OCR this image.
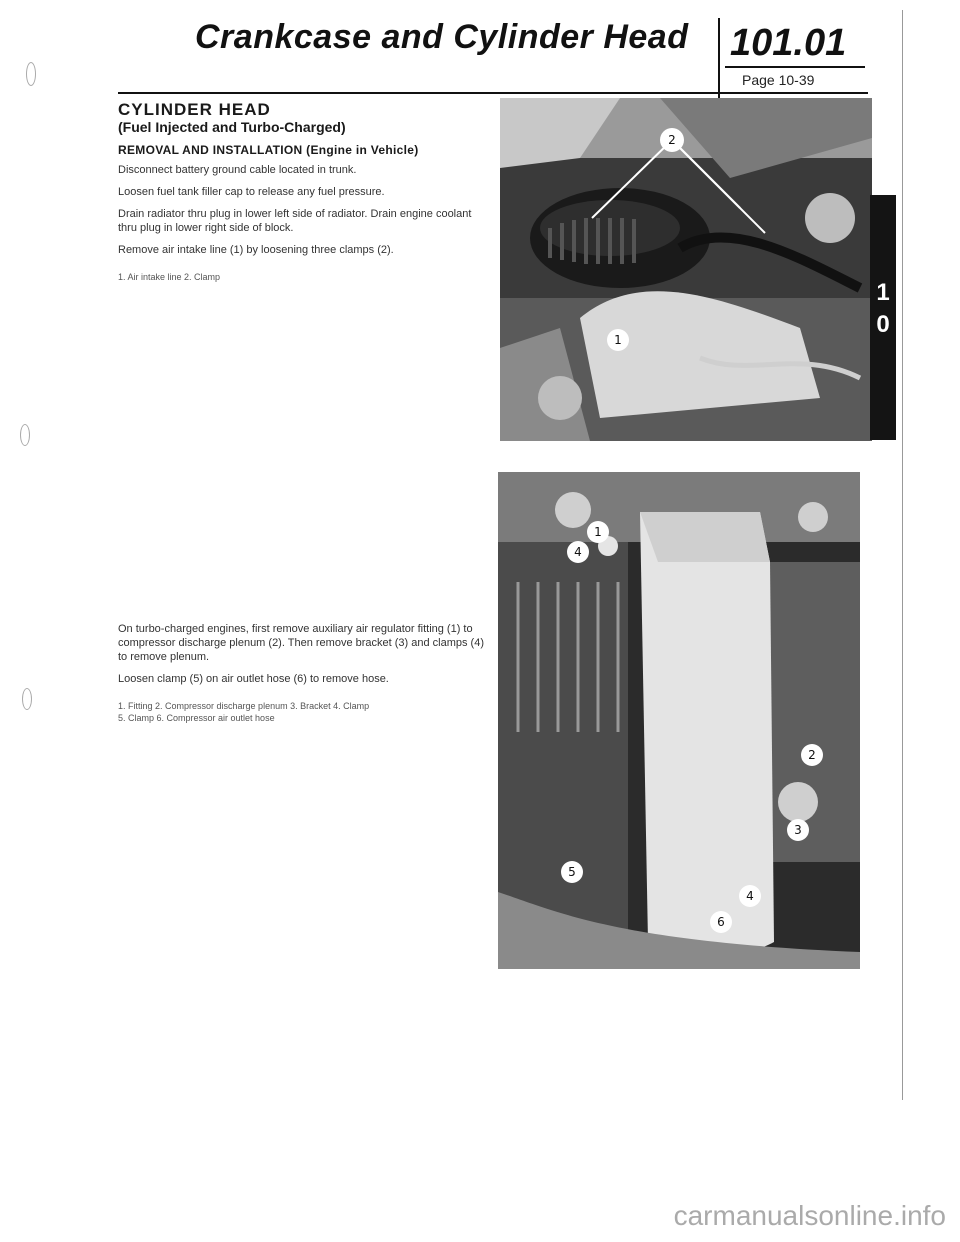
Crankcase and Cylinder Head 101.01
Page 10-39
CYLINDER HEAD
(Fuel Injected and Turbo-Charged)
REMOVAL AND INSTALLATION (Engine in Vehicle)

Disconnect battery ground cable located in trunk.

Loosen fuel tank filler cap to release any fuel pressure.

Drain radiator thru plug in lower left side of radiator. Drain engine coolant thru plug in lower right side of block.

Remove air intake line (1) by loosening three clamps (2).

1. Air intake line 2. Clamp

On turbo-charged engines, first remove auxiliary air regulator fitting (1) to compressor discharge plenum (2). Then remove bracket (3) and clamps (4) to remove plenum.

Loosen clamp (5) on air outlet hose (6) to remove hose.

1. Fitting 2. Compressor discharge plenum 3. Bracket 4. Clamp

5. Clamp 6. Compressor air outlet hose

2
1
4
1
2
3
4
5
6
1
0
carmanualsonline.info
